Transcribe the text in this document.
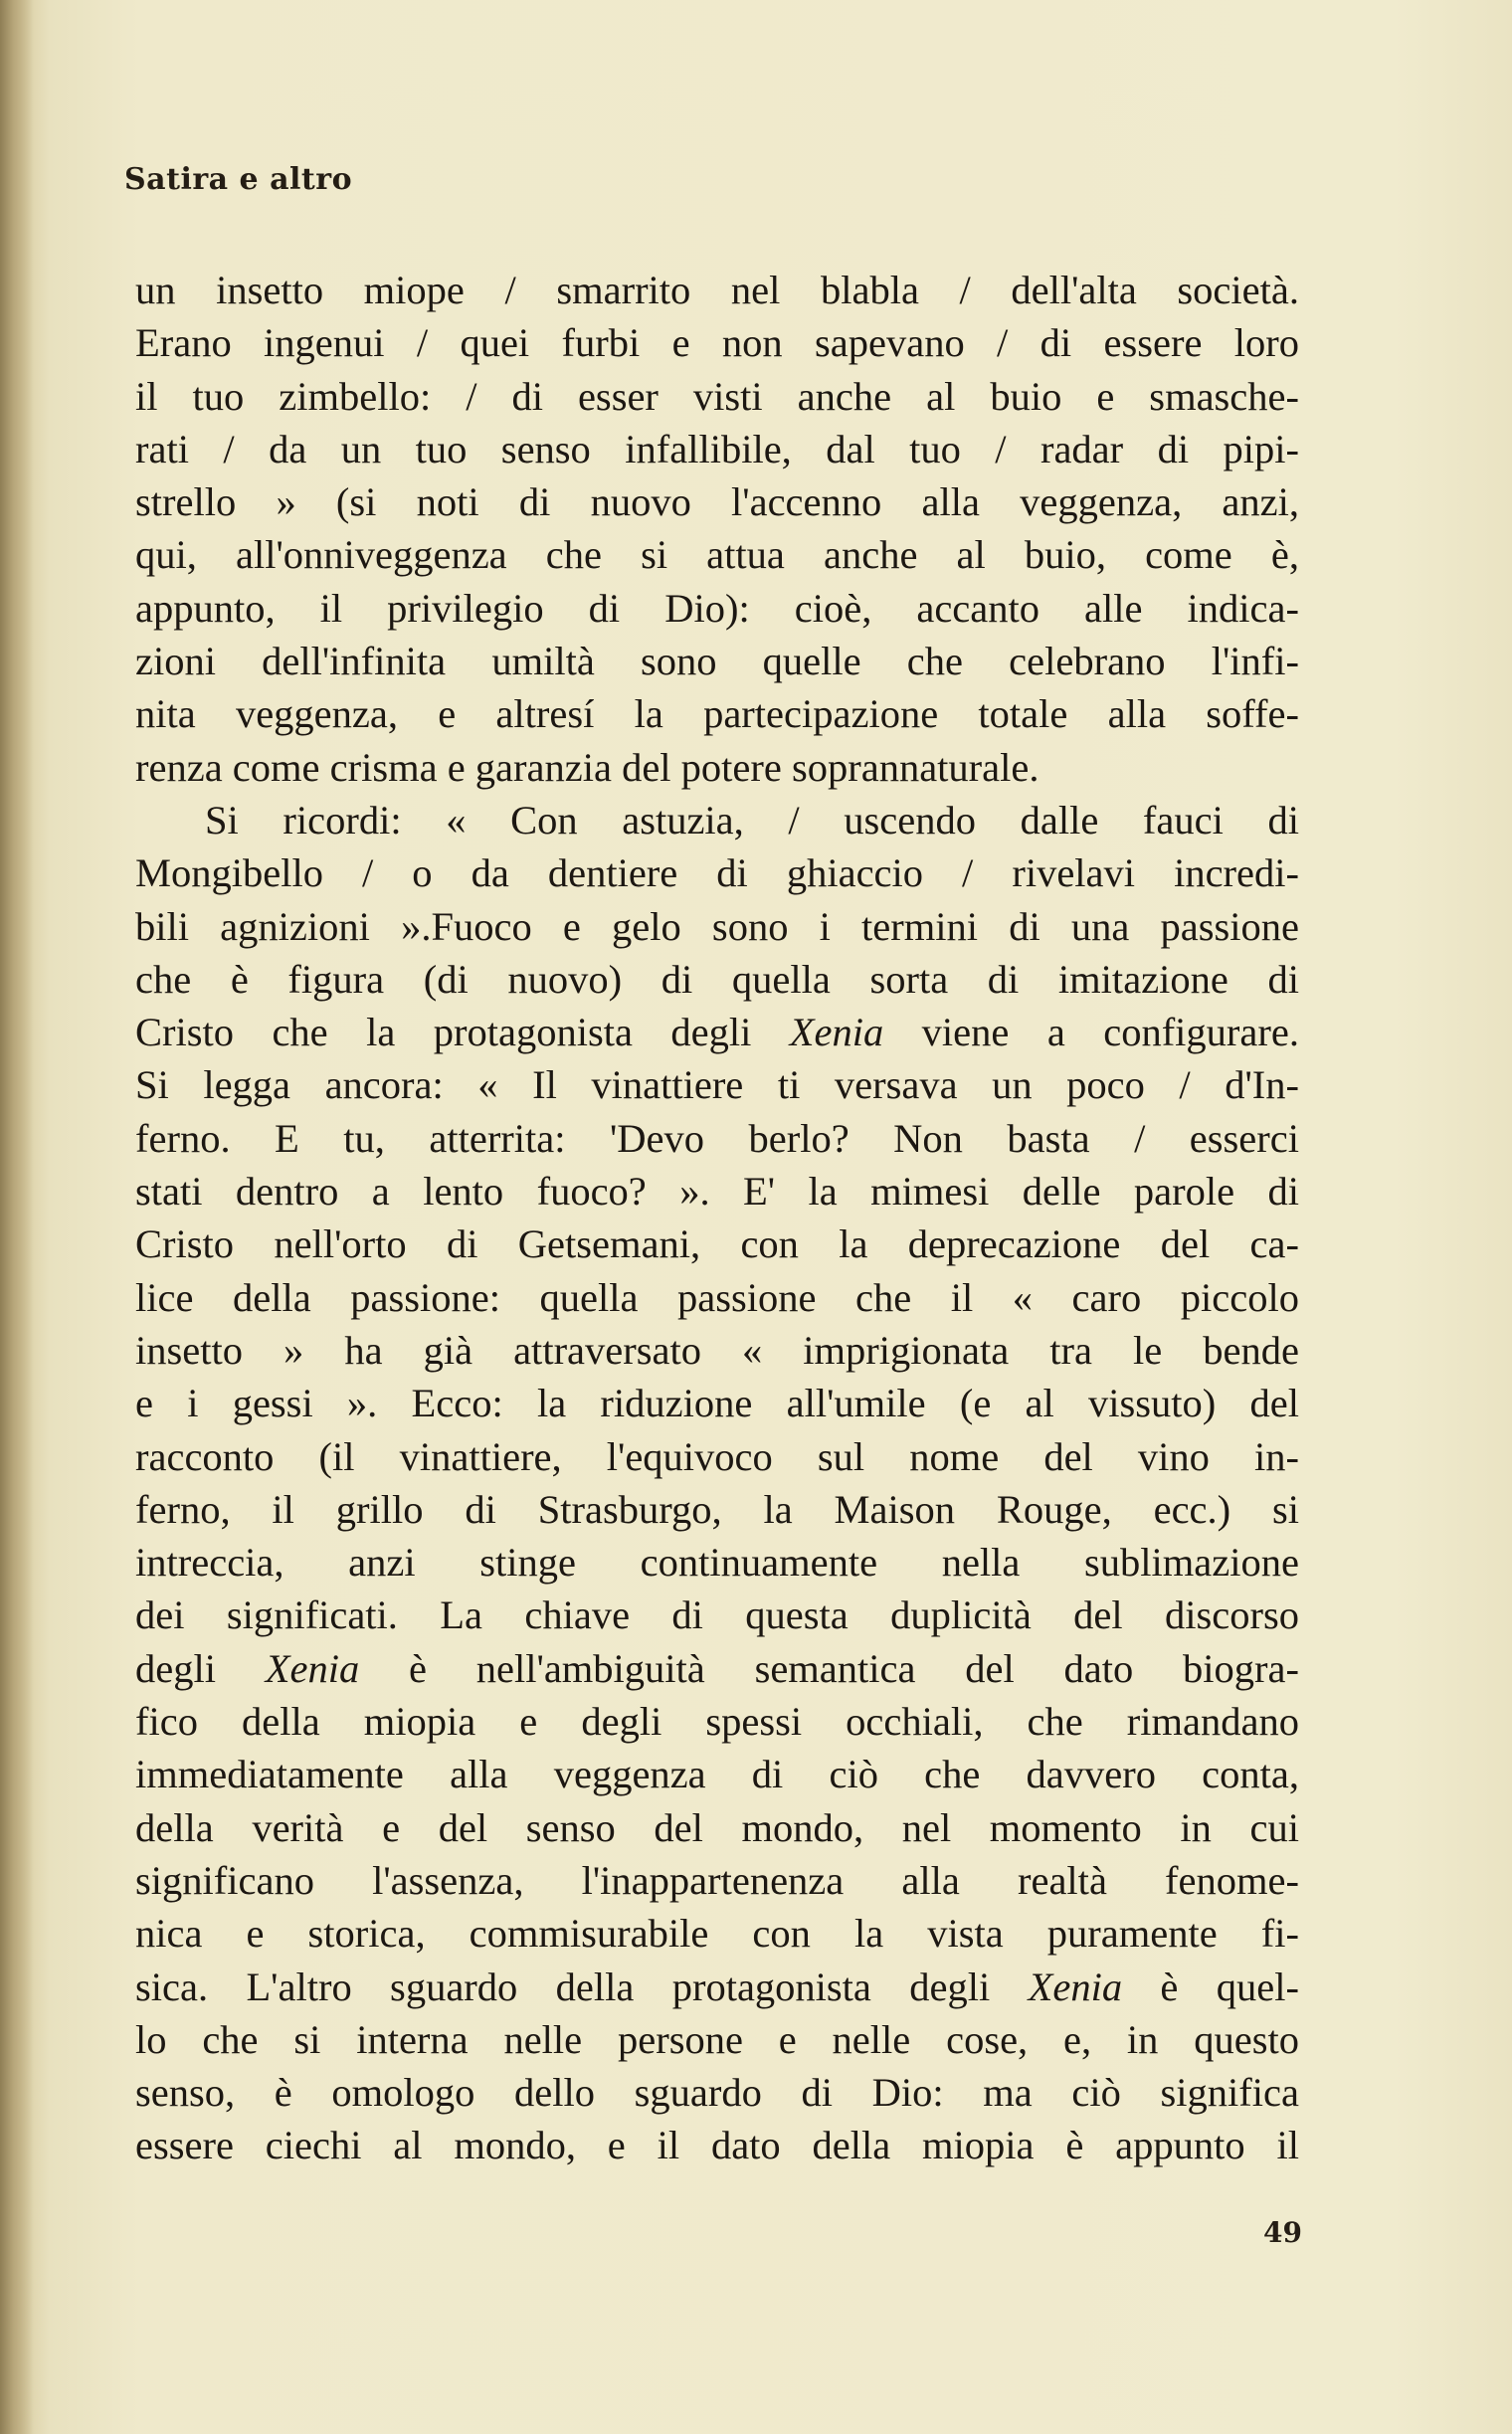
Satira e altro
un insetto miope / smarrito nel blabla / dell'alta società.
Erano ingenui / quei furbi e non sapevano / di essere loro
il tuo zimbello: / di esser visti anche al buio e smasche-
rati / da un tuo senso infallibile, dal tuo / radar di pipi-
strello » (si noti di nuovo l'accenno alla veggenza, anzi,
qui, all'onniveggenza che si attua anche al buio, come è,
appunto, il privilegio di Dio): cioè, accanto alle indica-
zioni dell'infinita umiltà sono quelle che celebrano l'infi-
nita veggenza, e altresí la partecipazione totale alla soffe-
renza come crisma e garanzia del potere soprannaturale.
Si ricordi: « Con astuzia, / uscendo dalle fauci di
Mongibello / o da dentiere di ghiaccio / rivelavi incredi-
bili agnizioni ».Fuoco e gelo sono i termini di una passione
che è figura (di nuovo) di quella sorta di imitazione di
Cristo che la protagonista degli Xenia viene a configurare.
Si legga ancora: « Il vinattiere ti versava un poco / d'In-
ferno. E tu, atterrita: 'Devo berlo? Non basta / esserci
stati dentro a lento fuoco? ». E' la mimesi delle parole di
Cristo nell'orto di Getsemani, con la deprecazione del ca-
lice della passione: quella passione che il « caro piccolo
insetto » ha già attraversato « imprigionata tra le bende
e i gessi ». Ecco: la riduzione all'umile (e al vissuto) del
racconto (il vinattiere, l'equivoco sul nome del vino in-
ferno, il grillo di Strasburgo, la Maison Rouge, ecc.) si
intreccia, anzi stinge continuamente nella sublimazione
dei significati. La chiave di questa duplicità del discorso
degli Xenia è nell'ambiguità semantica del dato biogra-
fico della miopia e degli spessi occhiali, che rimandano
immediatamente alla veggenza di ciò che davvero conta,
della verità e del senso del mondo, nel momento in cui
significano l'assenza, l'inappartenenza alla realtà fenome-
nica e storica, commisurabile con la vista puramente fi-
sica. L'altro sguardo della protagonista degli Xenia è quel-
lo che si interna nelle persone e nelle cose, e, in questo
senso, è omologo dello sguardo di Dio: ma ciò significa
essere ciechi al mondo, e il dato della miopia è appunto il
49
